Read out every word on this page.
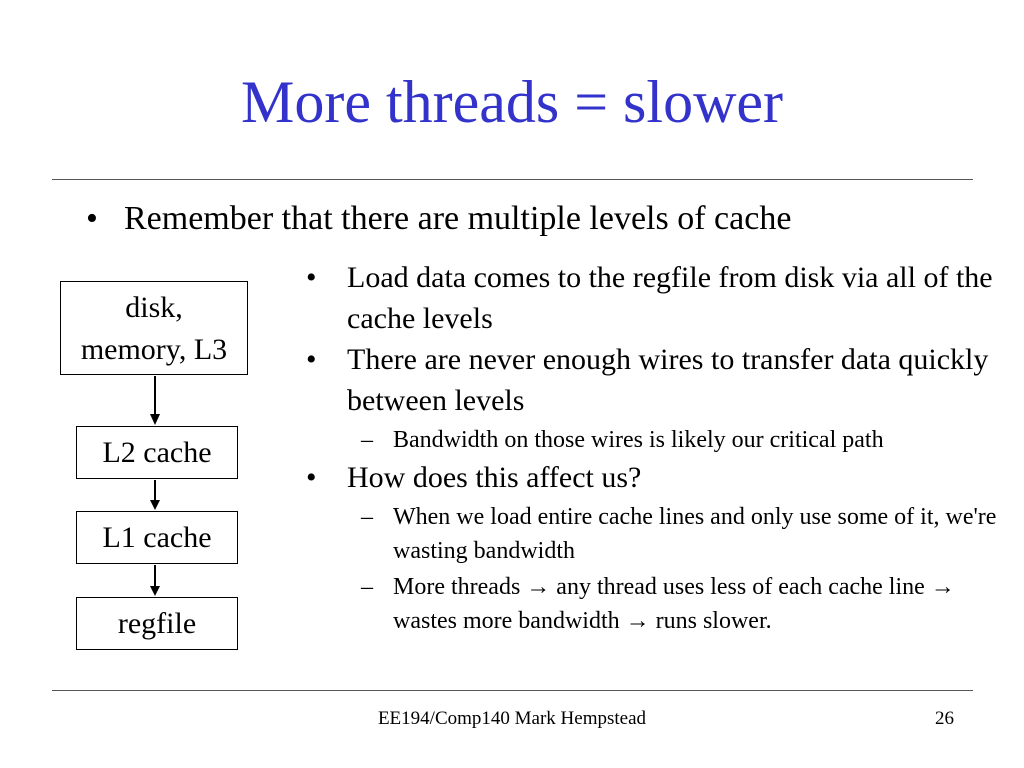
More threads = slower
• Remember that there are multiple levels of cache
disk,
memory, L3
L2 cache
L1 cache
regfile
•	Load data comes to the regfile from disk via all of the cache levels
•	There are never enough wires to transfer data quickly between levels
– Bandwidth on those wires is likely our critical path
•	How does this affect us?
– When we load entire cache lines and only use some of it, we're wasting bandwidth
– More threads → any thread uses less of each cache line → wastes more bandwidth → runs slower.
EE194/Comp140 Mark Hempstead	26
